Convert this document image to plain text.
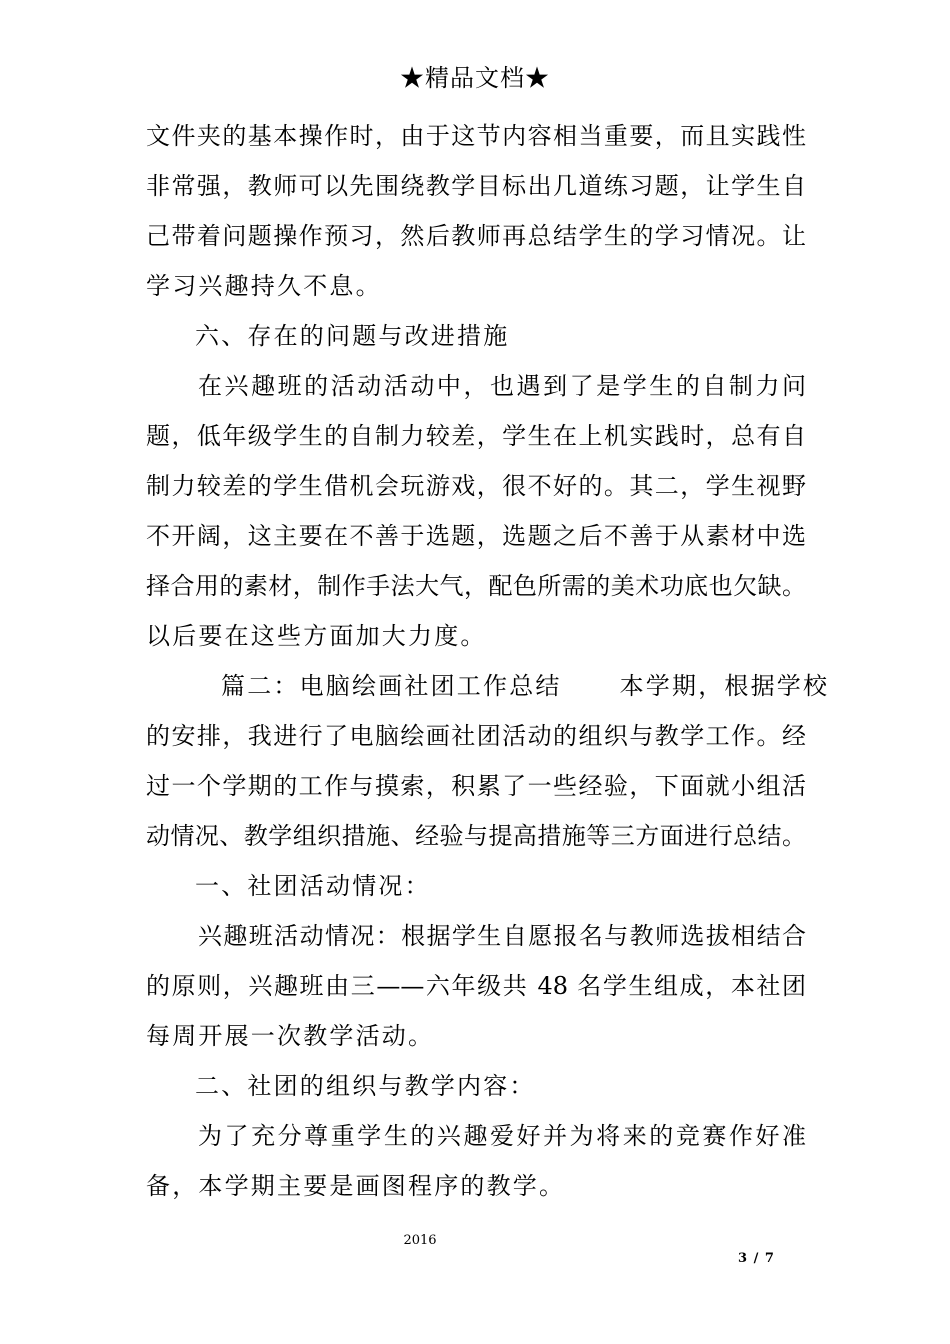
★精品文档★
文件夹的基本操作时，由于这节内容相当重要，而且实践性
非常强，教师可以先围绕教学目标出几道练习题，让学生自
己带着问题操作预习，然后教师再总结学生的学习情况。让
学习兴趣持久不息。
六、存在的问题与改进措施
在兴趣班的活动活动中，也遇到了是学生的自制力问
题，低年级学生的自制力较差，学生在上机实践时，总有自
制力较差的学生借机会玩游戏，很不好的。其二，学生视野
不开阔，这主要在不善于选题，选题之后不善于从素材中选
择合用的素材，制作手法大气，配色所需的美术功底也欠缺。
以后要在这些方面加大力度。
篇二：电脑绘画社团工作总结 本学期，根据学校
的安排，我进行了电脑绘画社团活动的组织与教学工作。经
过一个学期的工作与摸索，积累了一些经验，下面就小组活
动情况、教学组织措施、经验与提高措施等三方面进行总结。
一、社团活动情况：
兴趣班活动情况：根据学生自愿报名与教师选拔相结合
的原则，兴趣班由三——六年级共 48 名学生组成，本社团
每周开展一次教学活动。
二、社团的组织与教学内容：
为了充分尊重学生的兴趣爱好并为将来的竞赛作好准
备，本学期主要是画图程序的教学。
2016
3 / 7
